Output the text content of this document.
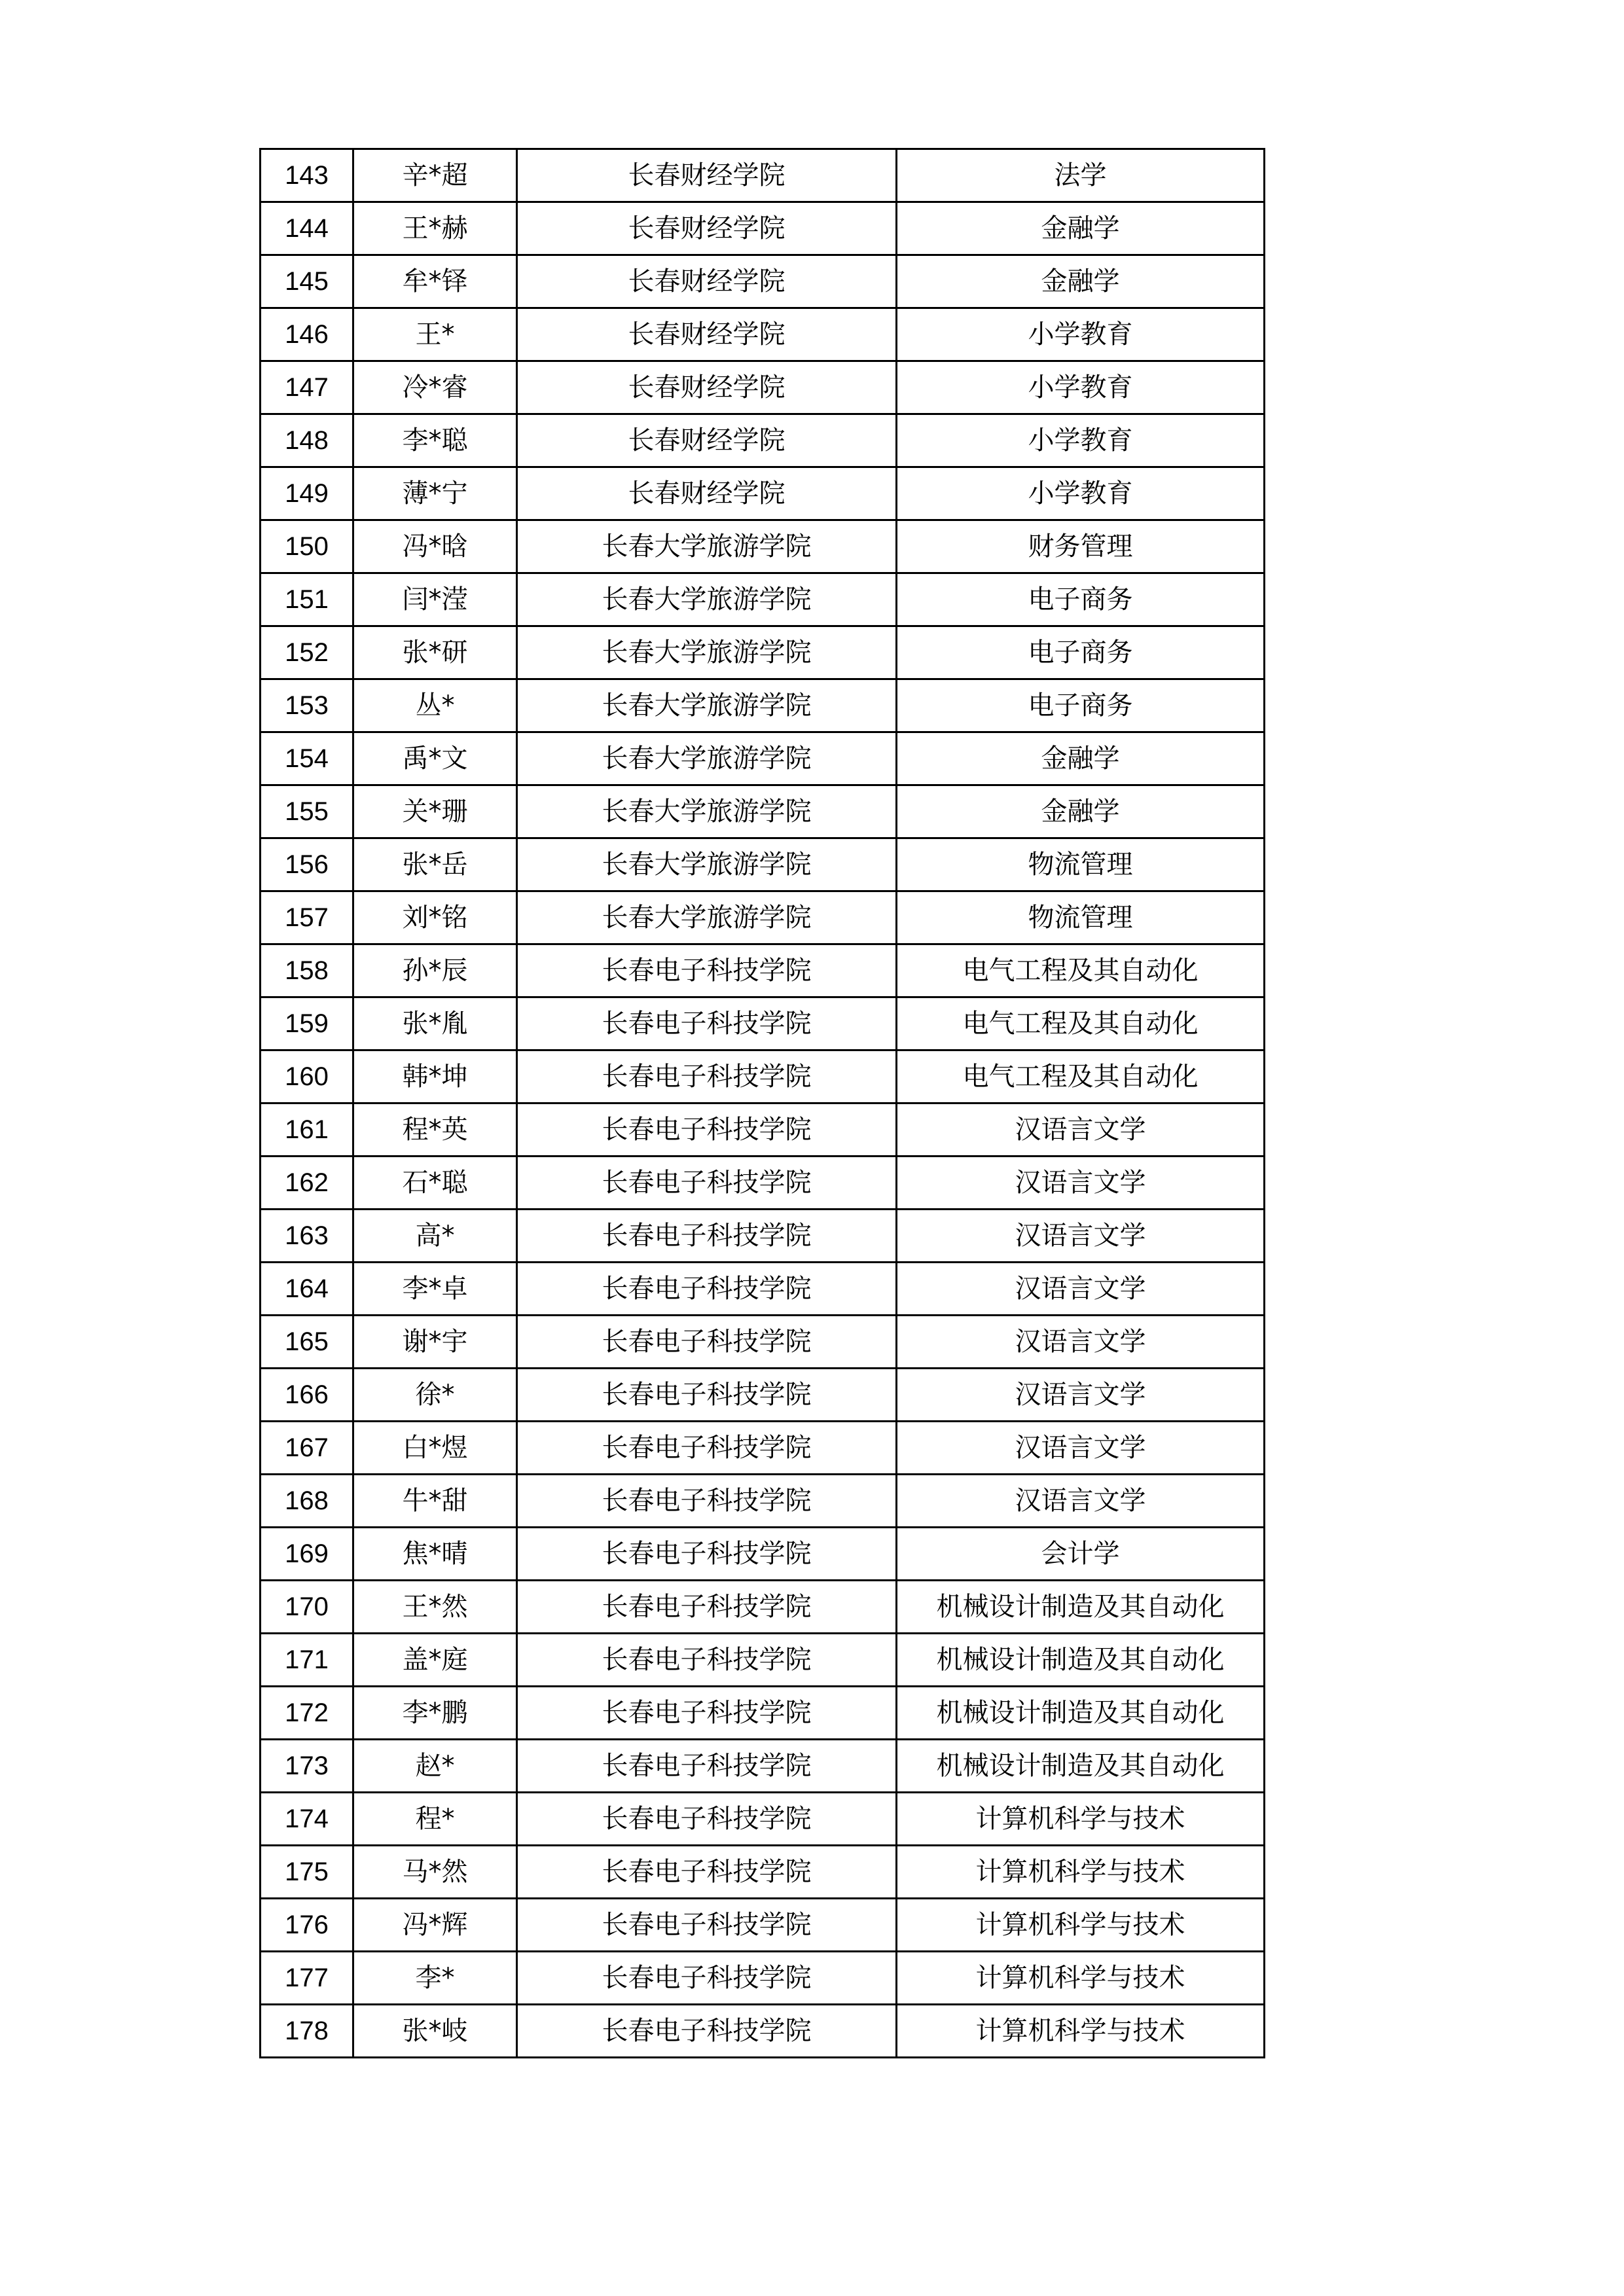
143	辛*超	长春财经学院	法学
144	王*赫	长春财经学院	金融学
145	牟*铎	长春财经学院	金融学
146	王*	长春财经学院	小学教育
147	冷*睿	长春财经学院	小学教育
148	李*聪	长春财经学院	小学教育
149	薄*宁	长春财经学院	小学教育
150	冯*晗	长春大学旅游学院	财务管理
151	闫*滢	长春大学旅游学院	电子商务
152	张*研	长春大学旅游学院	电子商务
153	丛*	长春大学旅游学院	电子商务
154	禹*文	长春大学旅游学院	金融学
155	关*珊	长春大学旅游学院	金融学
156	张*岳	长春大学旅游学院	物流管理
157	刘*铭	长春大学旅游学院	物流管理
158	孙*辰	长春电子科技学院	电气工程及其自动化
159	张*胤	长春电子科技学院	电气工程及其自动化
160	韩*坤	长春电子科技学院	电气工程及其自动化
161	程*英	长春电子科技学院	汉语言文学
162	石*聪	长春电子科技学院	汉语言文学
163	高*	长春电子科技学院	汉语言文学
164	李*卓	长春电子科技学院	汉语言文学
165	谢*宇	长春电子科技学院	汉语言文学
166	徐*	长春电子科技学院	汉语言文学
167	白*煜	长春电子科技学院	汉语言文学
168	牛*甜	长春电子科技学院	汉语言文学
169	焦*晴	长春电子科技学院	会计学
170	王*然	长春电子科技学院	机械设计制造及其自动化
171	盖*庭	长春电子科技学院	机械设计制造及其自动化
172	李*鹏	长春电子科技学院	机械设计制造及其自动化
173	赵*	长春电子科技学院	机械设计制造及其自动化
174	程*	长春电子科技学院	计算机科学与技术
175	马*然	长春电子科技学院	计算机科学与技术
176	冯*辉	长春电子科技学院	计算机科学与技术
177	李*	长春电子科技学院	计算机科学与技术
178	张*岐	长春电子科技学院	计算机科学与技术
